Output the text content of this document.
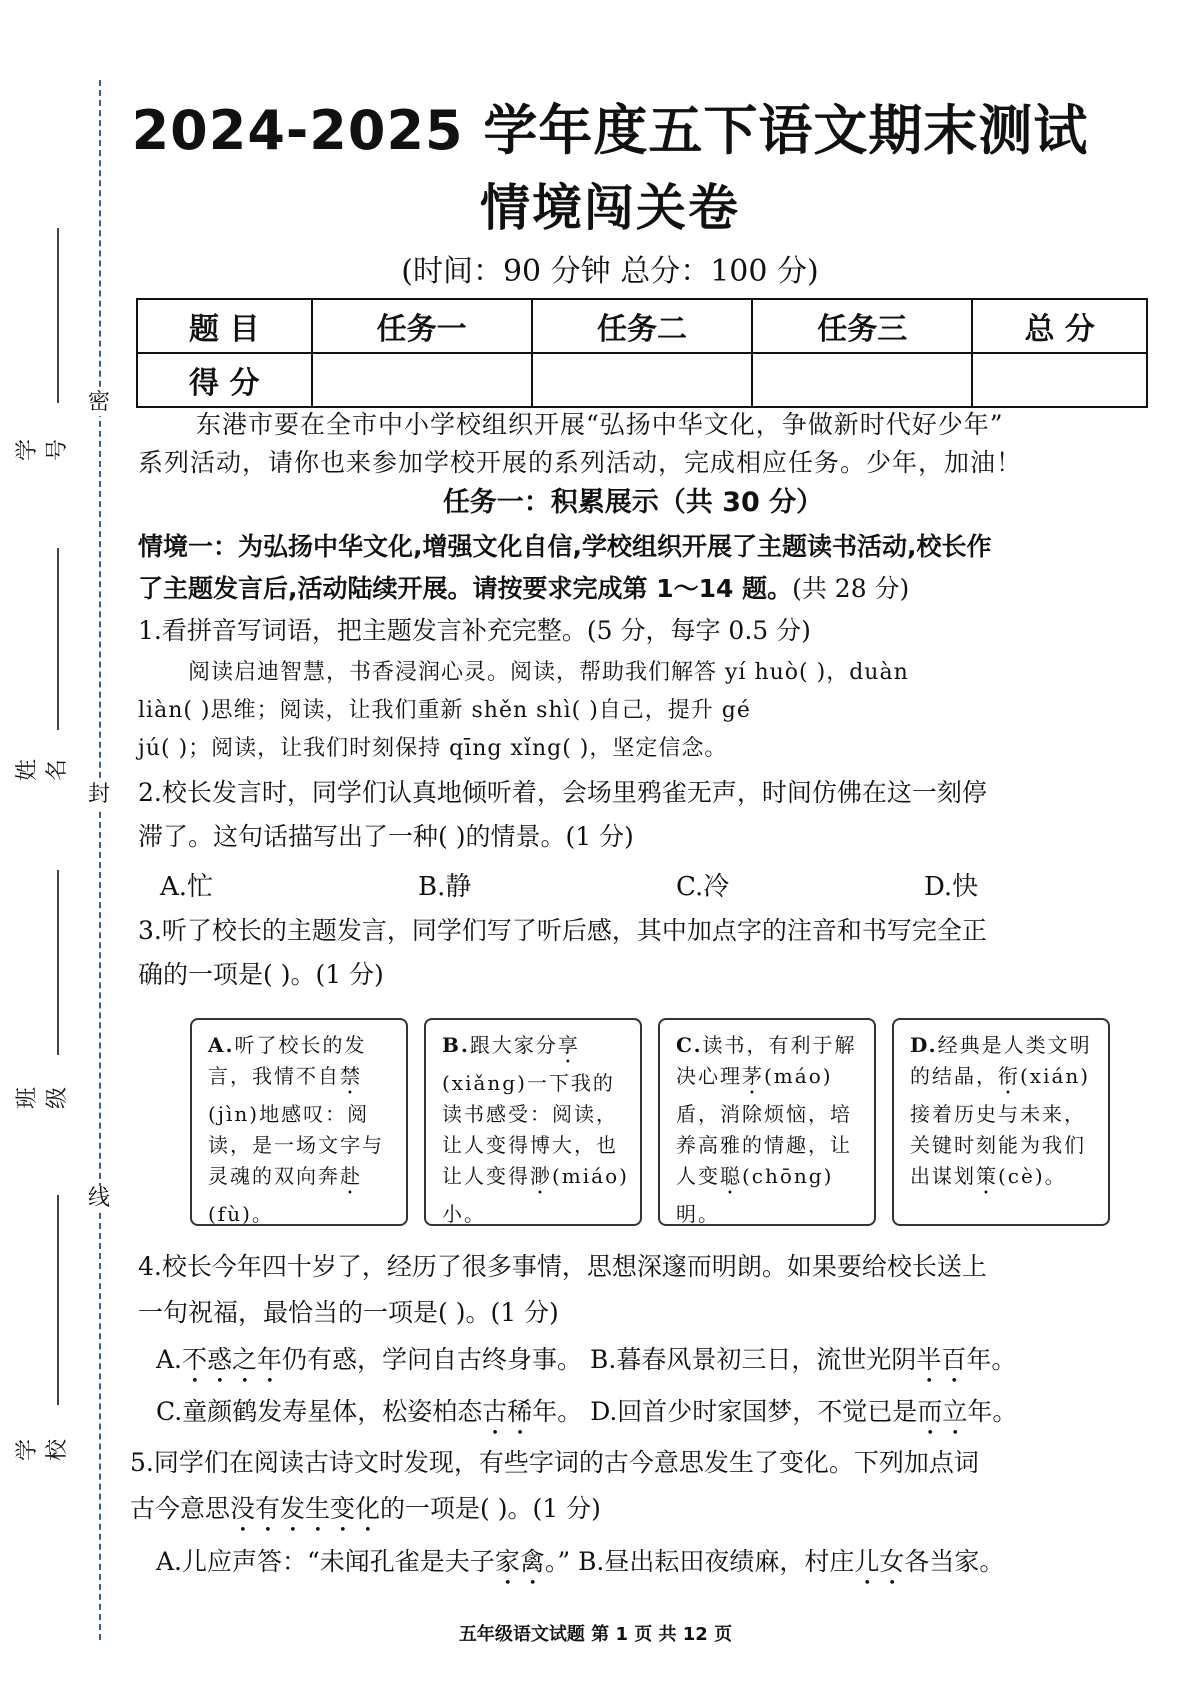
密
封
线
学号
姓名
班级
学校
2024-2025 学年度五下语文期末测试
情境闯关卷
(时间：90 分钟 总分：100 分)
题 目	任务一	任务二	任务三	总 分
得 分				
东港市要在全市中小学校组织开展“弘扬中华文化，争做新时代好少年”
系列活动，请你也来参加学校开展的系列活动，完成相应任务。少年，加油！
任务一：积累展示（共 30 分）
情境一：为弘扬中华文化,增强文化自信,学校组织开展了主题读书活动,校长作
了主题发言后,活动陆续开展。请按要求完成第 1～14 题。(共 28 分)
1.看拼音写词语，把主题发言补充完整。(5 分，每字 0.5 分)
阅读启迪智慧，书香浸润心灵。阅读，帮助我们解答 yí huò( )，duàn
liàn( )思维；阅读，让我们重新 shěn shì( )自己，提升 gé
jú( )；阅读，让我们时刻保持 qīng xǐng( )，坚定信念。
2.校长发言时，同学们认真地倾听着，会场里鸦雀无声，时间仿佛在这一刻停
滞了。这句话描写出了一种( )的情景。(1 分)
A.忙	B.静	C.冷	D.快
3.听了校长的主题发言，同学们写了听后感，其中加点字的注音和书写完全正
确的一项是( )。(1 分)
A.听了校长的发言，我情不自禁(jìn)地感叹：阅读，是一场文字与灵魂的双向奔赴(fù)。
B.跟大家分享(xiǎng)一下我的读书感受：阅读，让人变得博大，也让人变得渺(miáo)小。
C.读书，有利于解决心理茅(máo)盾，消除烦恼，培养高雅的情趣，让人变聪(chōng)明。
D.经典是人类文明的结晶，衔(xián)接着历史与未来，关键时刻能为我们出谋划策(cè)。
4.校长今年四十岁了，经历了很多事情，思想深邃而明朗。如果要给校长送上
一句祝福，最恰当的一项是( )。(1 分)
A.不惑之年仍有惑，学问自古终身事。 B.暮春风景初三日，流世光阴半百年。
C.童颜鹤发寿星体，松姿柏态古稀年。 D.回首少时家国梦，不觉已是而立年。
5.同学们在阅读古诗文时发现，有些字词的古今意思发生了变化。下列加点词
古今意思没有发生变化的一项是( )。(1 分)
A.儿应声答：“未闻孔雀是夫子家禽。” B.昼出耘田夜绩麻，村庄儿女各当家。
五年级语文试题 第 1 页 共 12 页
